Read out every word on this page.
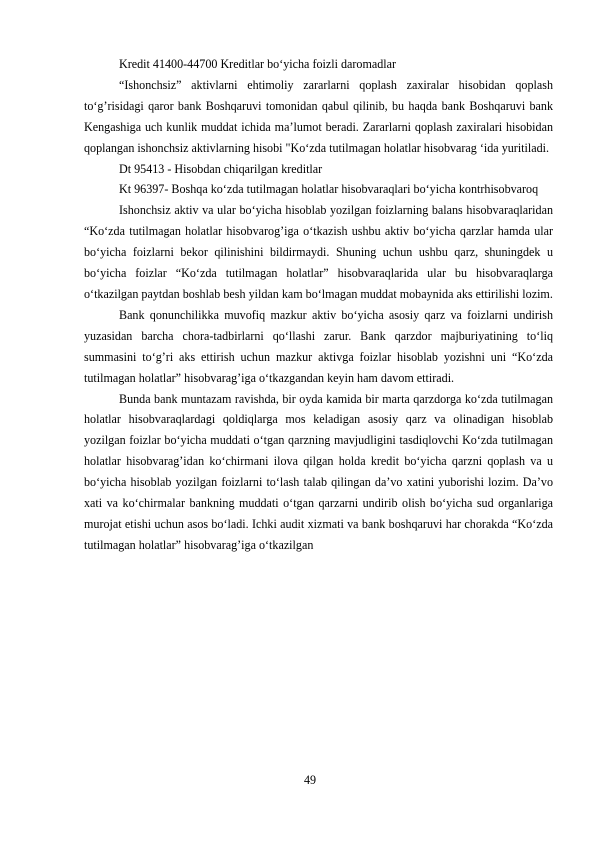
Kredit 41400-44700 Kreditlar bo‘yicha foizli daromadlar

“Ishonchsiz” aktivlarni ehtimoliy zararlarni qoplash zaxiralar hisobidan qoplash to‘g’risidagi qaror bank Boshqaruvi tomonidan qabul qilinib, bu haqda bank Boshqaruvi bank Kengashiga uch kunlik muddat ichida ma’lumot beradi. Zararlarni qoplash zaxiralari hisobidan qoplangan ishonchsiz aktivlarning hisobi "Ko‘zda tutilmagan holatlar hisobvarag ‘ida yuritiladi.

Dt 95413 - Hisobdan chiqarilgan kreditlar

Kt 96397- Boshqa ko‘zda tutilmagan holatlar hisobvaraqlari bo‘yicha kontrhisobvaroq

Ishonchsiz aktiv va ular bo‘yicha hisoblab yozilgan foizlarning balans hisobvaraqlaridan “Ko‘zda tutilmagan holatlar hisobvarog’iga o‘tkazish ushbu aktiv bo‘yicha qarzlar hamda ular bo‘yicha foizlarni bekor qilinishini bildirmaydi. Shuning uchun ushbu qarz, shuningdek u bo‘yicha foizlar “Ko‘zda tutilmagan holatlar” hisobvaraqlarida ular bu hisobvaraqlarga o‘tkazilgan paytdan boshlab besh yildan kam bo‘lmagan muddat mobaynida aks ettirilishi lozim.

Bank qonunchilikka muvofiq mazkur aktiv bo‘yicha asosiy qarz va foizlarni undirish yuzasidan barcha chora-tadbirlarni qo‘llashi zarur. Bank qarzdor majburiyatining to‘liq summasini to‘g’ri aks ettirish uchun mazkur aktivga foizlar hisoblab yozishni uni “Ko‘zda tutilmagan holatlar” hisobvarag’iga o‘tkazgandan keyin ham davom ettiradi.

Bunda bank muntazam ravishda, bir oyda kamida bir marta qarzdorga ko‘zda tutilmagan holatlar hisobvaraqlardagi qoldiqlarga mos keladigan asosiy qarz va olinadigan hisoblab yozilgan foizlar bo‘yicha muddati o‘tgan qarzning mavjudligini tasdiqlovchi Ko‘zda tutilmagan holatlar hisobvarag’idan ko‘chirmani ilova qilgan holda kredit bo‘yicha qarzni qoplash va u bo‘yicha hisoblab yozilgan foizlarni to‘lash talab qilingan da’vo xatini yuborishi lozim. Da’vo xati va ko‘chirmalar bankning muddati o‘tgan qarzarni undirib olish bo‘yicha sud organlariga murojat etishi uchun asos bo‘ladi. Ichki audit xizmati va bank boshqaruvi har chorakda “Ko‘zda tutilmagan holatlar” hisobvarag’iga o‘tkazilgan

49
